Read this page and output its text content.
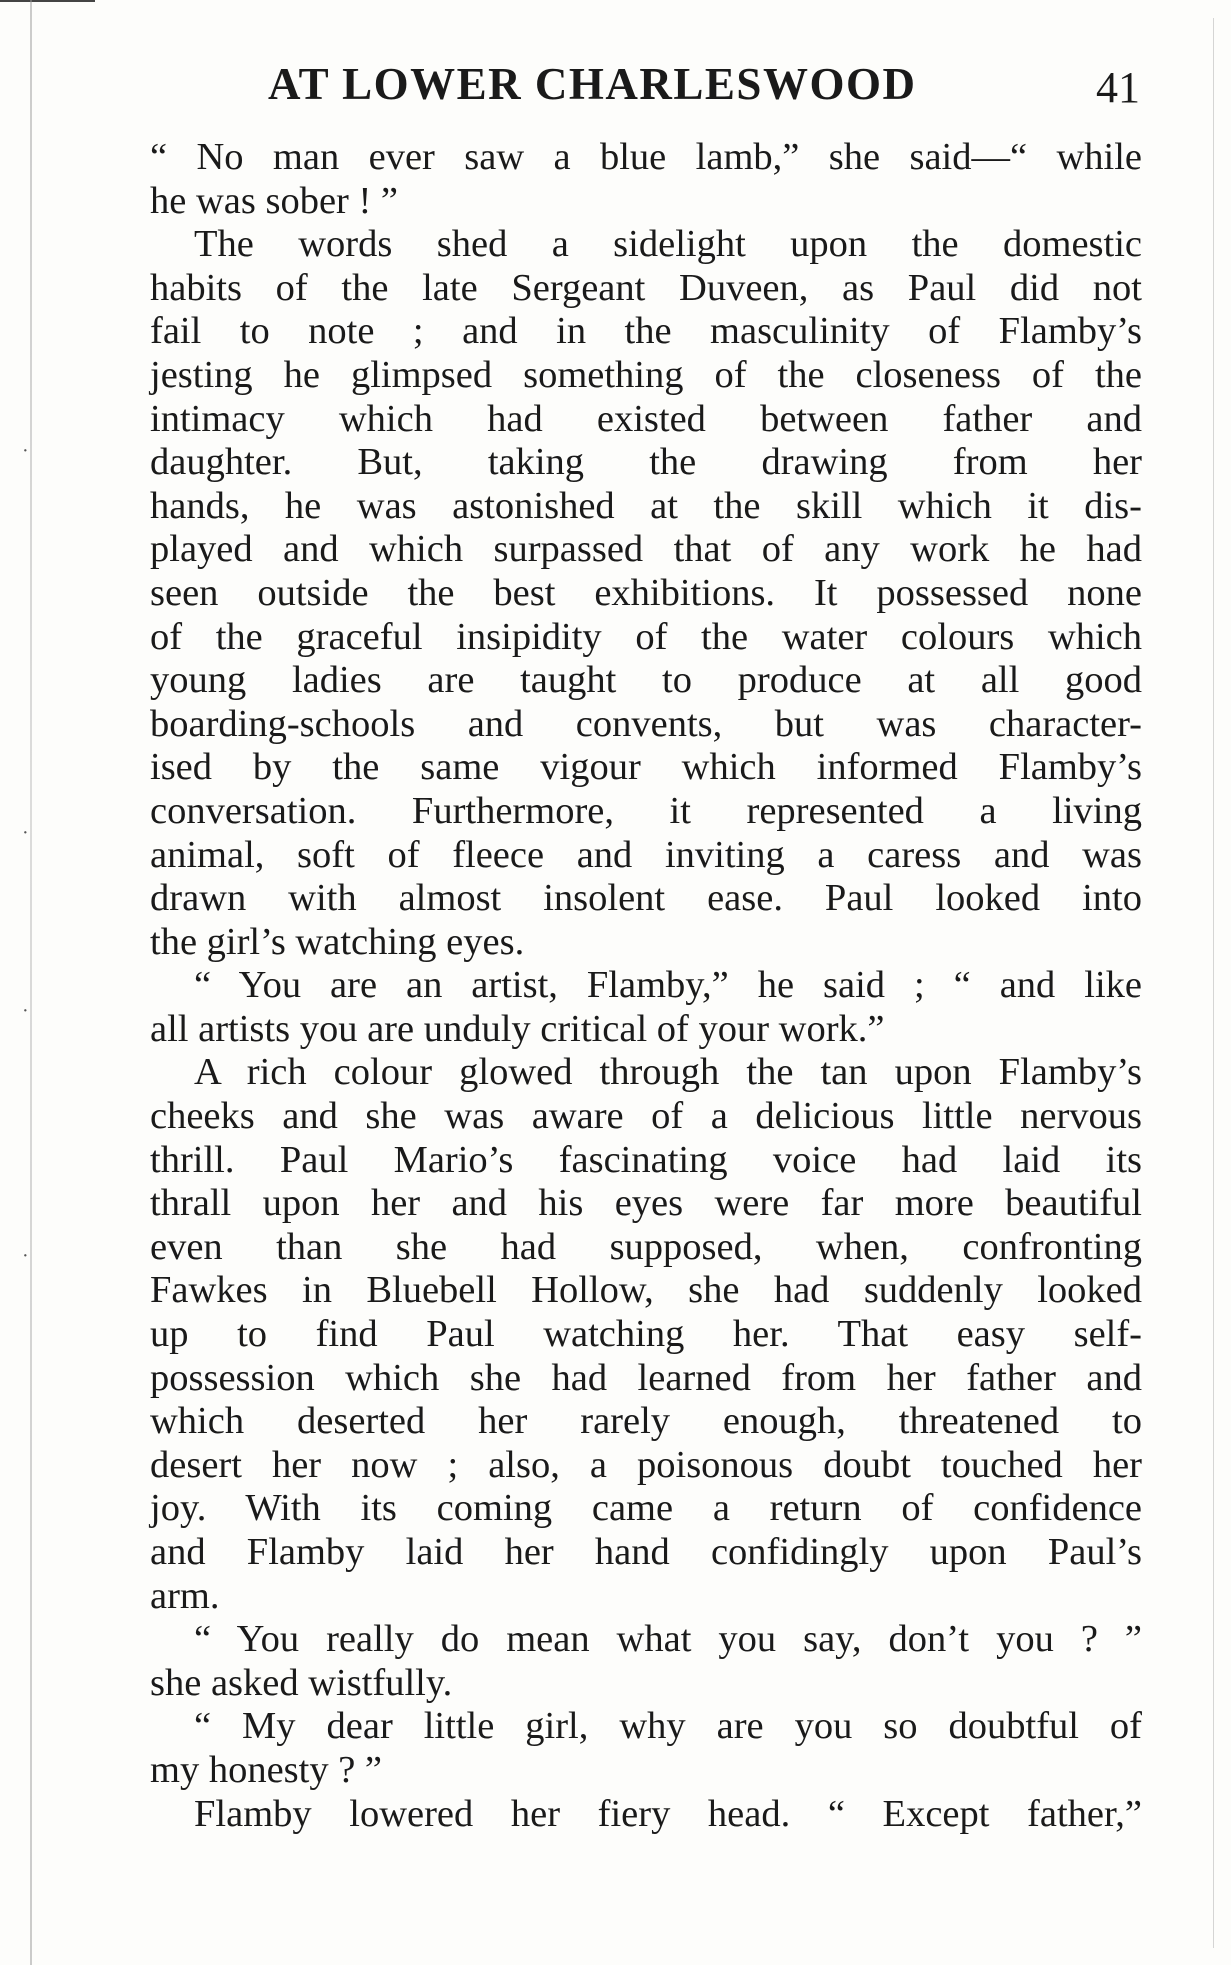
·
·
·
·
AT LOWER CHARLESWOOD	41
“ No man ever saw a blue lamb,” she said—“ while
he was sober ! ”
The words shed a sidelight upon the domestic
habits of the late Sergeant Duveen, as Paul did not
fail to note ; and in the masculinity of Flamby’s
jesting he glimpsed something of the closeness of the
intimacy which had existed between father and
daughter. But, taking the drawing from her
hands, he was astonished at the skill which it dis-
played and which surpassed that of any work he had
seen outside the best exhibitions. It possessed none
of the graceful insipidity of the water colours which
young ladies are taught to produce at all good
boarding-schools and convents, but was character-
ised by the same vigour which informed Flamby’s
conversation. Furthermore, it represented a living
animal, soft of fleece and inviting a caress and was
drawn with almost insolent ease. Paul looked into
the girl’s watching eyes.
“ You are an artist, Flamby,” he said ; “ and like
all artists you are unduly critical of your work.”
A rich colour glowed through the tan upon Flamby’s
cheeks and she was aware of a delicious little nervous
thrill. Paul Mario’s fascinating voice had laid its
thrall upon her and his eyes were far more beautiful
even than she had supposed, when, confronting
Fawkes in Bluebell Hollow, she had suddenly looked
up to find Paul watching her. That easy self-
possession which she had learned from her father and
which deserted her rarely enough, threatened to
desert her now ; also, a poisonous doubt touched her
joy. With its coming came a return of confidence
and Flamby laid her hand confidingly upon Paul’s
arm.
“ You really do mean what you say, don’t you ? ”
she asked wistfully.
“ My dear little girl, why are you so doubtful of
my honesty ? ”
Flamby lowered her fiery head. “ Except father,”
